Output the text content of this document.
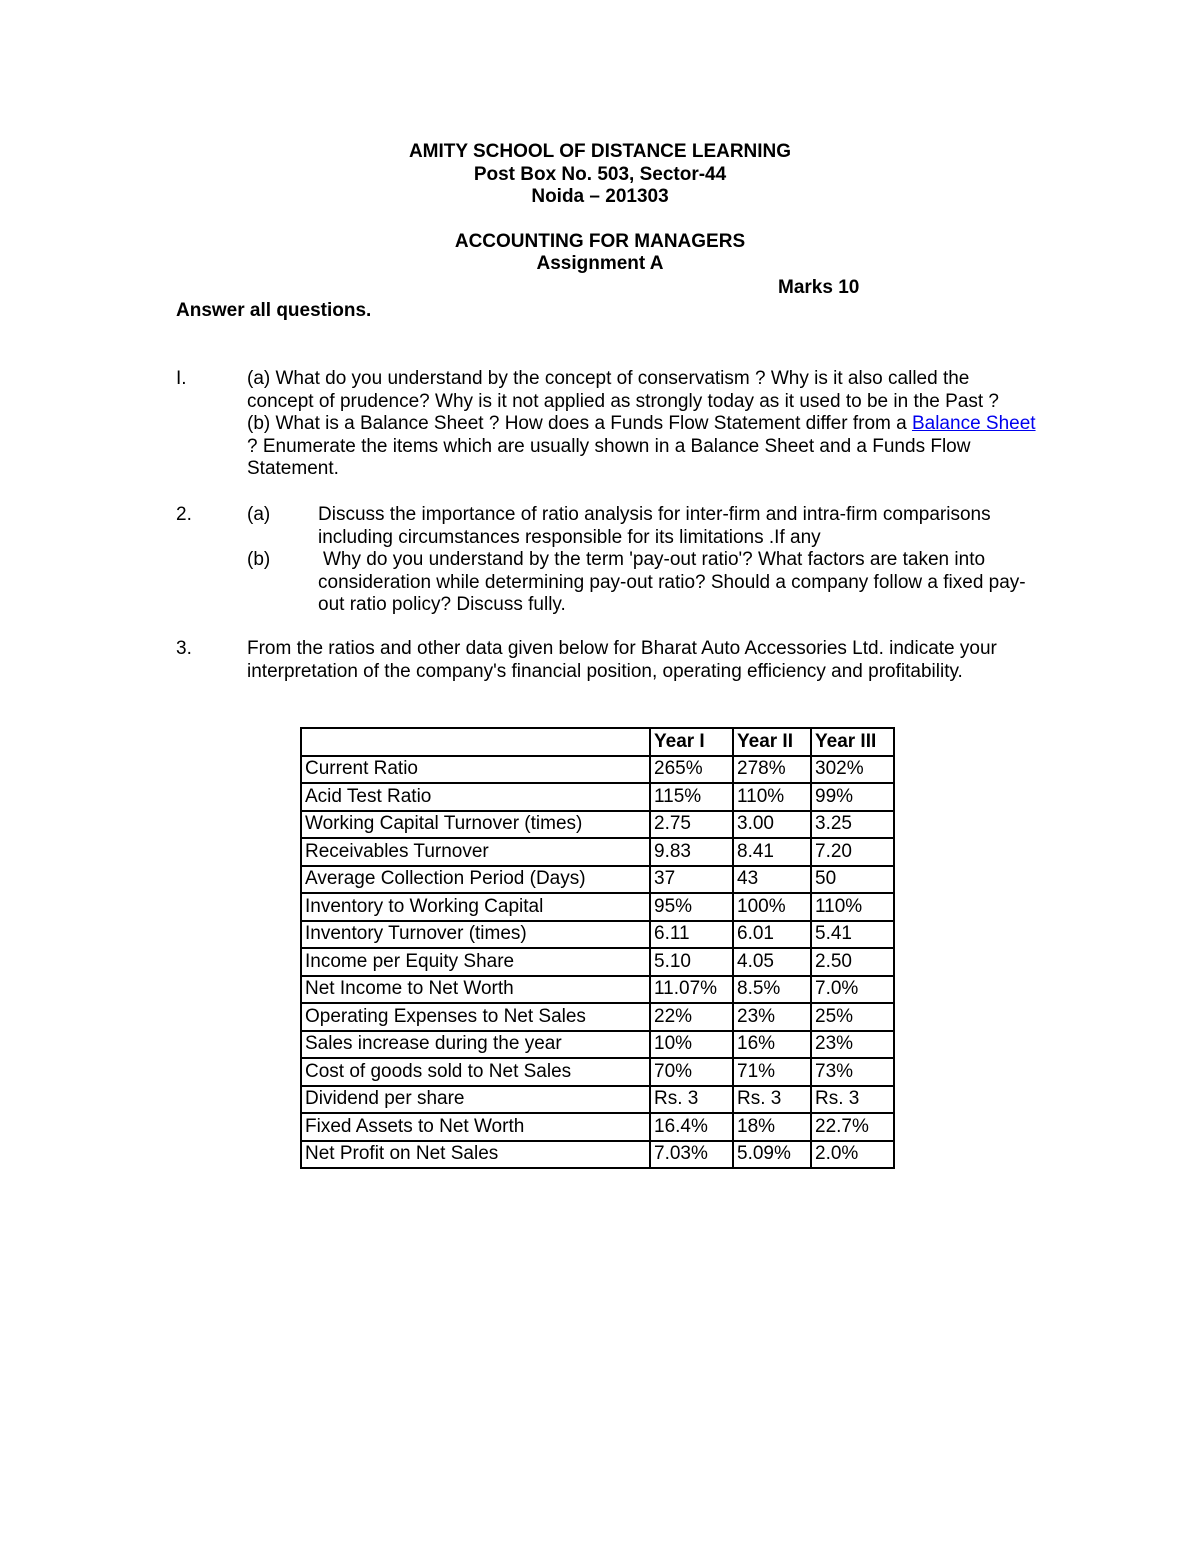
AMITY SCHOOL OF DISTANCE LEARNING
Post Box No. 503, Sector-44
Noida – 201303
ACCOUNTING FOR MANAGERS
Assignment A
Marks 10
Answer all questions.
I.	(a) What do you understand by the concept of conservatism ? Why is it also called the concept of prudence? Why is it not applied as strongly today as it used to be in the Past ?
(b) What is a Balance Sheet ? How does a Funds Flow Statement differ from a Balance Sheet ? Enumerate the items which are usually shown in a Balance Sheet and a Funds Flow Statement.
2.	(a)	Discuss the importance of ratio analysis for inter-firm and intra-firm comparisons including circumstances responsible for its limitations .If any
(b)	Why do you understand by the term 'pay-out ratio'? What factors are taken into consideration while determining pay-out ratio? Should a company follow a fixed pay-out ratio policy? Discuss fully.
3.	From the ratios and other data given below for Bharat Auto Accessories Ltd. indicate your interpretation of the company's financial position, operating efficiency and profitability.
	Year I	Year II	Year III
Current Ratio	265%	278%	302%
Acid Test Ratio	115%	110%	99%
Working Capital Turnover (times)	2.75	3.00	3.25
Receivables Turnover	9.83	8.41	7.20
Average Collection Period (Days)	37	43	50
Inventory to Working Capital	95%	100%	110%
Inventory Turnover (times)	6.11	6.01	5.41
Income per Equity Share	5.10	4.05	2.50
Net Income to Net Worth	11.07%	8.5%	7.0%
Operating Expenses to Net Sales	22%	23%	25%
Sales increase during the year	10%	16%	23%
Cost of goods sold to Net Sales	70%	71%	73%
Dividend per share	Rs. 3	Rs. 3	Rs. 3
Fixed Assets to Net Worth	16.4%	18%	22.7%
Net Profit on Net Sales	7.03%	5.09%	2.0%
